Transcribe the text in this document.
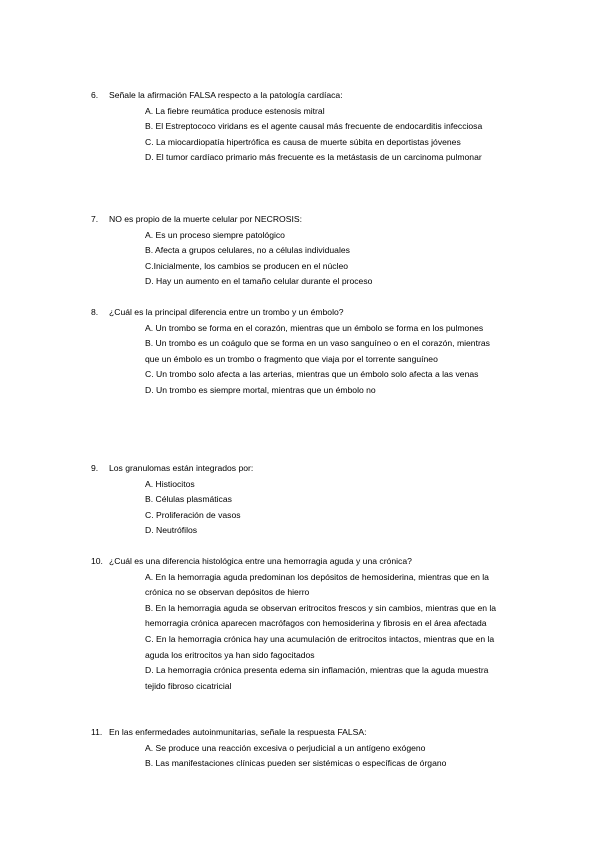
6.	Señale la afirmación FALSA respecto a la patología cardíaca:
A. La fiebre reumática produce estenosis mitral
B. El Estreptococo viridans es el agente causal más frecuente de endocarditis infecciosa
C. La miocardiopatía hipertrófica es causa de muerte súbita en deportistas jóvenes
D. El tumor cardíaco primario más frecuente es la metástasis de un carcinoma pulmonar
7.	NO es propio de la muerte celular por NECROSIS:
A. Es un proceso siempre patológico
B. Afecta a grupos celulares, no a células individuales
C.Inicialmente, los cambios se producen en el núcleo
D. Hay un aumento en el tamaño celular durante el proceso
8.	¿Cuál es la principal diferencia entre un trombo y un émbolo?
A. Un trombo se forma en el corazón, mientras que un émbolo se forma en los pulmones
B. Un trombo es un coágulo que se forma en un vaso sanguíneo o en el corazón, mientras que un émbolo es un trombo o fragmento que viaja por el torrente sanguíneo
C. Un trombo solo afecta a las arterias, mientras que un émbolo solo afecta a las venas
D. Un trombo es siempre mortal, mientras que un émbolo no
9.	Los granulomas están integrados por:
A. Histiocitos
B. Células plasmáticas
C. Proliferación de vasos
D. Neutrófilos
10. ¿Cuál es una diferencia histológica entre una hemorragia aguda y una crónica?
A. En la hemorragia aguda predominan los depósitos de hemosiderina, mientras que en la crónica no se observan depósitos de hierro
B. En la hemorragia aguda se observan eritrocitos frescos y sin cambios, mientras que en la hemorragia crónica aparecen macrófagos con hemosiderina y fibrosis en el área afectada
C. En la hemorragia crónica hay una acumulación de eritrocitos intactos, mientras que en la aguda los eritrocitos ya han sido fagocitados
D. La hemorragia crónica presenta edema sin inflamación, mientras que la aguda muestra tejido fibroso cicatricial
11. En las enfermedades autoinmunitarias, señale la respuesta FALSA:
A. Se produce una reacción excesiva o perjudicial a un antígeno exógeno
B. Las manifestaciones clínicas pueden ser sistémicas o específicas de órgano
